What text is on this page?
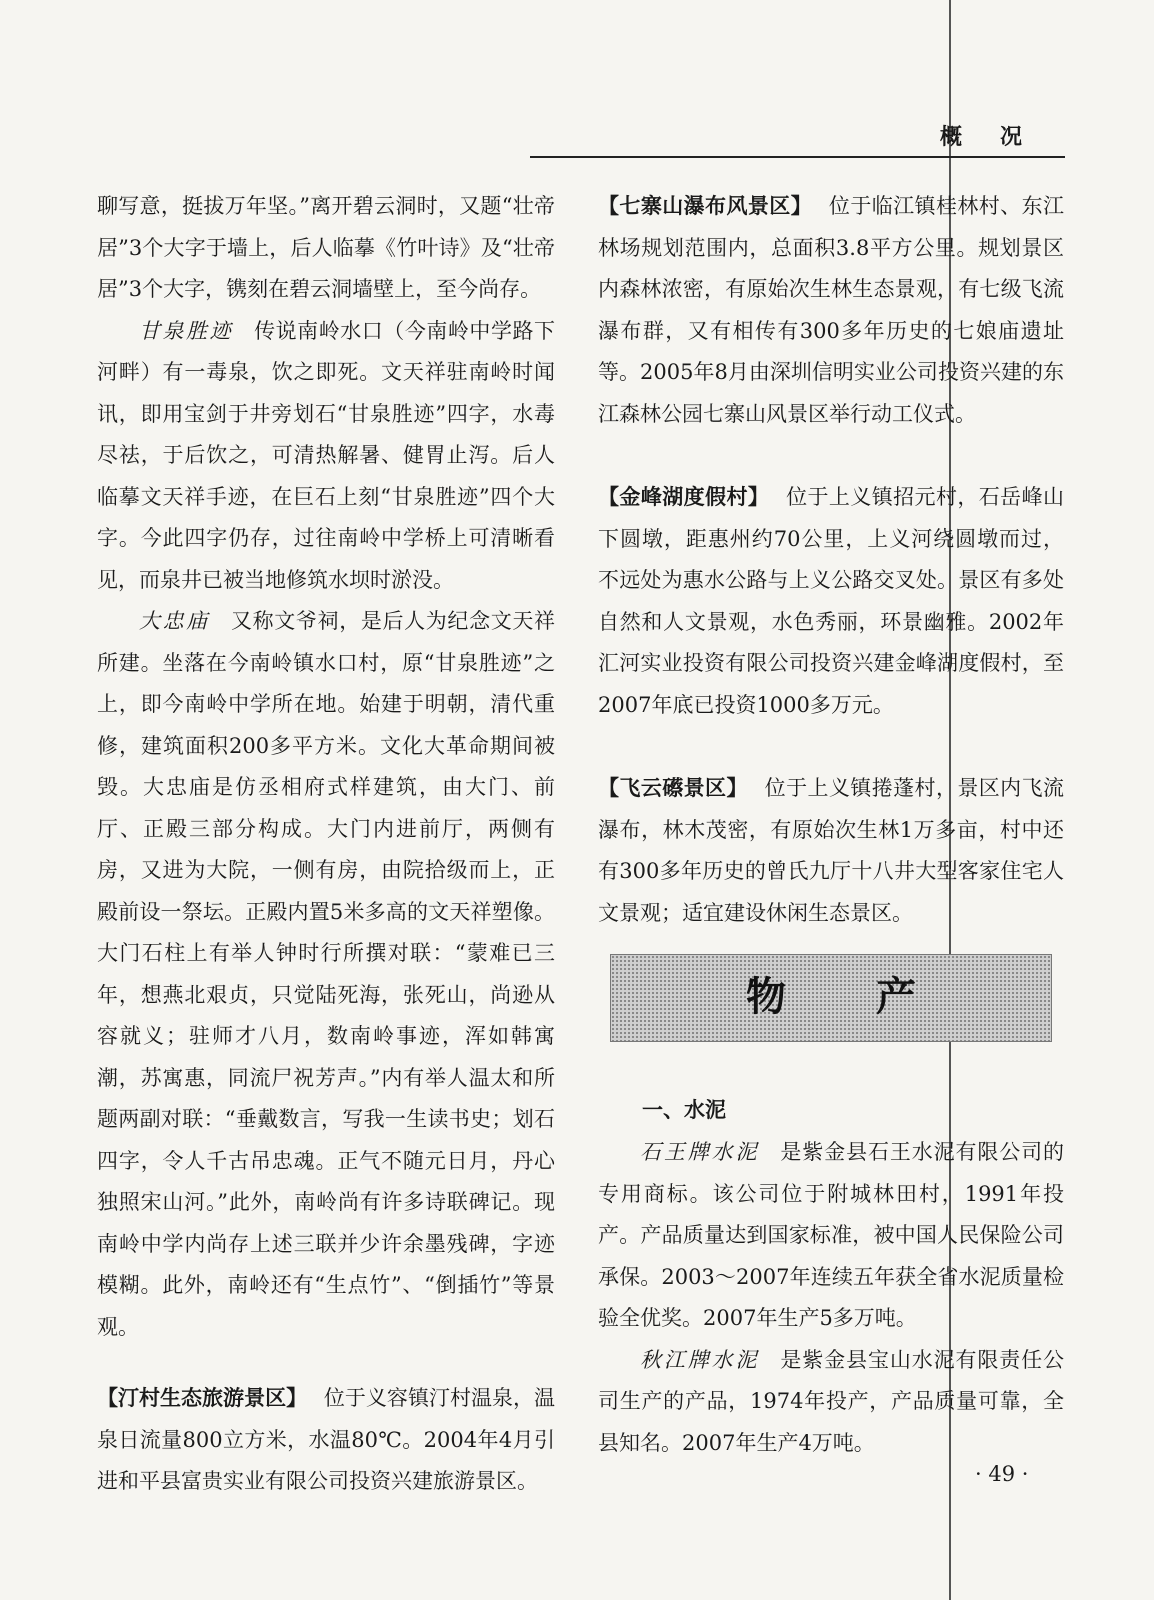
概况

聊写意，挺拔万年坚。”离开碧云洞时，又题“壮帝居”3个大字于墙上，后人临摹《竹叶诗》及“壮帝居”3个大字，镌刻在碧云洞墙壁上，至今尚存。

甘泉胜迹 传说南岭水口（今南岭中学路下河畔）有一毒泉，饮之即死。文天祥驻南岭时闻讯，即用宝剑于井旁划石“甘泉胜迹”四字，水毒尽祛，于后饮之，可清热解暑、健胃止泻。后人临摹文天祥手迹，在巨石上刻“甘泉胜迹”四个大字。今此四字仍存，过往南岭中学桥上可清晰看见，而泉井已被当地修筑水坝时淤没。

大忠庙 又称文爷祠，是后人为纪念文天祥所建。坐落在今南岭镇水口村，原“甘泉胜迹”之上，即今南岭中学所在地。始建于明朝，清代重修，建筑面积200多平方米。文化大革命期间被毁。大忠庙是仿丞相府式样建筑，由大门、前厅、正殿三部分构成。大门内进前厅，两侧有房，又进为大院，一侧有房，由院拾级而上，正殿前设一祭坛。正殿内置5米多高的文天祥塑像。大门石柱上有举人钟时行所撰对联：“蒙难已三年，想燕北艰贞，只觉陆死海，张死山，尚逊从容就义；驻师才八月，数南岭事迹，浑如韩寓潮，苏寓惠，同流尸祝芳声。”内有举人温太和所题两副对联：“垂戴数言，写我一生读书史；划石四字，令人千古吊忠魂。正气不随元日月，丹心独照宋山河。”此外，南岭尚有许多诗联碑记。现南岭中学内尚存上述三联并少许余墨残碑，字迹模糊。此外，南岭还有“生点竹”、“倒插竹”等景观。

【汀村生态旅游景区】 位于义容镇汀村温泉，温泉日流量800立方米，水温80℃。2004年4月引进和平县富贵实业有限公司投资兴建旅游景区。

【七寨山瀑布风景区】 位于临江镇桂林村、东江林场规划范围内，总面积3.8平方公里。规划景区内森林浓密，有原始次生林生态景观，有七级飞流瀑布群，又有相传有300多年历史的七娘庙遗址等。2005年8月由深圳信明实业公司投资兴建的东江森林公园七寨山风景区举行动工仪式。

【金峰湖度假村】 位于上义镇招元村，石岳峰山下圆墩，距惠州约70公里，上义河绕圆墩而过，不远处为惠水公路与上义公路交叉处。景区有多处自然和人文景观，水色秀丽，环景幽雅。2002年汇河实业投资有限公司投资兴建金峰湖度假村，至2007年底已投资1000多万元。

【飞云礤景区】 位于上义镇捲蓬村，景区内飞流瀑布，林木茂密，有原始次生林1万多亩，村中还有300多年历史的曾氏九厅十八井大型客家住宅人文景观；适宜建设休闲生态景区。

物产
一、水泥

石王牌水泥 是紫金县石王水泥有限公司的专用商标。该公司位于附城林田村，1991年投产。产品质量达到国家标准，被中国人民保险公司承保。2003～2007年连续五年获全省水泥质量检验全优奖。2007年生产5多万吨。

秋江牌水泥 是紫金县宝山水泥有限责任公司生产的产品，1974年投产，产品质量可靠，全县知名。2007年生产4万吨。

· 49 ·
